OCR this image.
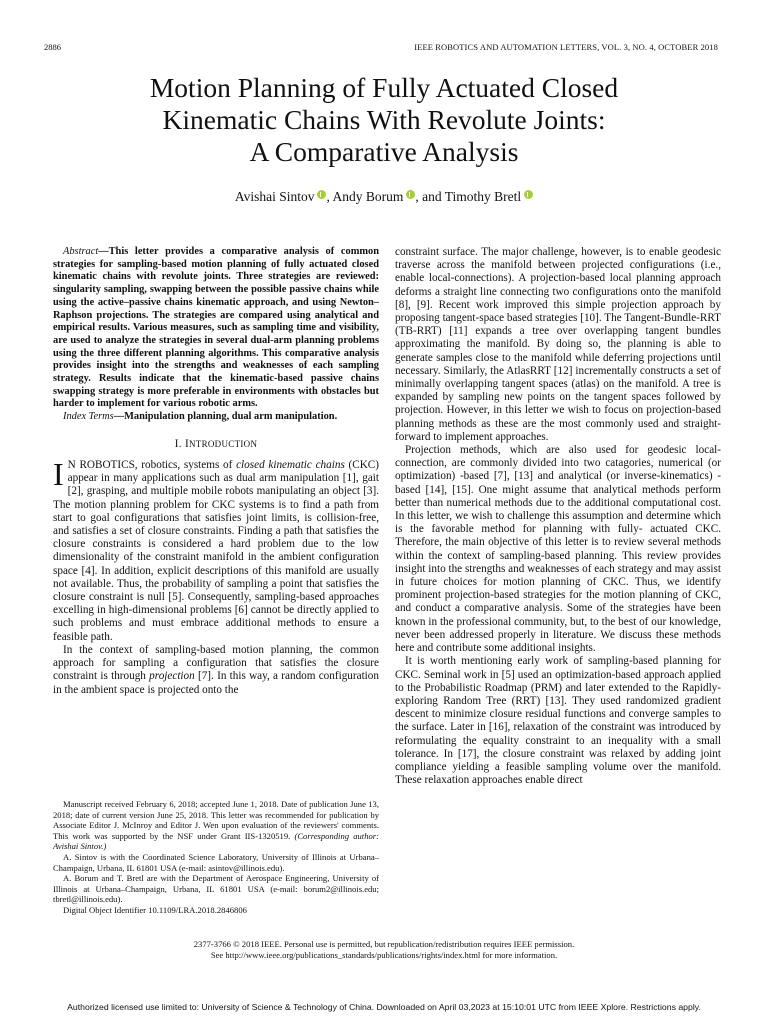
2886	IEEE ROBOTICS AND AUTOMATION LETTERS, VOL. 3, NO. 4, OCTOBER 2018
Motion Planning of Fully Actuated Closed
Kinematic Chains With Revolute Joints:
A Comparative Analysis
Avishai Sintov , Andy Borum , and Timothy Bretl

Abstract—This letter provides a comparative analysis of common strategies for sampling-based motion planning of fully actuated closed kinematic chains with revolute joints. Three strategies are reviewed: singularity sampling, swapping between the possible passive chains while using the active–passive chains kinematic approach, and using Newton–Raphson projections. The strategies are compared using analytical and empirical results. Various measures, such as sampling time and visibility, are used to analyze the strategies in several dual-arm planning problems using the three different planning algorithms. This comparative analysis provides insight into the strengths and weaknesses of each sampling strategy. Results indicate that the kinematic-based passive chains swapping strategy is more preferable in environments with obstacles but harder to implement for various robotic arms.

Index Terms—Manipulation planning, dual arm manipulation.

I. INTRODUCTION

I N ROBOTICS, robotics, systems of closed kinematic chains (CKC) appear in many applications such as dual arm manipulation [1], gait [2], grasping, and multiple mobile robots manipulating an object [3]. The motion planning problem for CKC systems is to find a path from start to goal configurations that satisfies joint limits, is collision-free, and satisfies a set of closure constraints. Finding a path that satisfies the closure constraints is considered a hard problem due to the low dimensionality of the constraint manifold in the ambient configuration space [4]. In addition, explicit descriptions of this manifold are usually not available. Thus, the probability of sampling a point that satisfies the closure constraint is null [5]. Consequently, sampling-based approaches excelling in high-dimensional problems [6] cannot be directly applied to such problems and must embrace additional methods to ensure a feasible path.

In the context of sampling-based motion planning, the common approach for sampling a configuration that satisfies the closure constraint is through projection [7]. In this way, a random configuration in the ambient space is projected onto the

Manuscript received February 6, 2018; accepted June 1, 2018. Date of publication June 13, 2018; date of current version June 25, 2018. This letter was recommended for publication by Associate Editor J. McInroy and Editor J. Wen upon evaluation of the reviewers' comments. This work was supported by the NSF under Grant IIS-1320519. (Corresponding author: Avishai Sintov.)

A. Sintov is with the Coordinated Science Laboratory, University of Illinois at Urbana–Champaign, Urbana, IL 61801 USA (e-mail: asintov@illinois.edu).

A. Borum and T. Bretl are with the Department of Aerospace Engineering, University of Illinois at Urbana–Champaign, Urbana, IL 61801 USA (e-mail: borum2@illinois.edu; tbretl@illinois.edu).

Digital Object Identifier 10.1109/LRA.2018.2846806

constraint surface. The major challenge, however, is to enable geodesic traverse across the manifold between projected configurations (i.e., enable local-connections). A projection-based local planning approach deforms a straight line connecting two configurations onto the manifold [8], [9]. Recent work improved this simple projection approach by proposing tangent-space based strategies [10]. The Tangent-Bundle-RRT (TB-RRT) [11] expands a tree over overlapping tangent bundles approximating the manifold. By doing so, the planning is able to generate samples close to the manifold while deferring projections until necessary. Similarly, the AtlasRRT [12] incrementally constructs a set of minimally overlapping tangent spaces (atlas) on the manifold. A tree is expanded by sampling new points on the tangent spaces followed by projection. However, in this letter we wish to focus on projection-based planning methods as these are the most commonly used and straight-forward to implement approaches.

Projection methods, which are also used for geodesic local-connection, are commonly divided into two catagories, numerical (or optimization) -based [7], [13] and analytical (or inverse-kinematics) -based [14], [15]. One might assume that analytical methods perform better than numerical methods due to the additional computational cost. In this letter, we wish to challenge this assumption and determine which is the favorable method for planning with fully- actuated CKC. Therefore, the main objective of this letter is to review several methods within the context of sampling-based planning. This review provides insight into the strengths and weaknesses of each strategy and may assist in future choices for motion planning of CKC. Thus, we identify prominent projection-based strategies for the motion planning of CKC, and conduct a comparative analysis. Some of the strategies have been known in the professional community, but, to the best of our knowledge, never been addressed properly in literature. We discuss these methods here and contribute some additional insights.

It is worth mentioning early work of sampling-based planning for CKC. Seminal work in [5] used an optimization-based approach applied to the Probabilistic Roadmap (PRM) and later extended to the Rapidly-exploring Random Tree (RRT) [13]. They used randomized gradient descent to minimize closure residual functions and converge samples to the surface. Later in [16], relaxation of the constraint was introduced by reformulating the equality constraint to an inequality with a small tolerance. In [17], the closure constraint was relaxed by adding joint compliance yielding a feasible sampling volume over the manifold. These relaxation approaches enable direct

2377-3766 © 2018 IEEE. Personal use is permitted, but republication/redistribution requires IEEE permission.
See http://www.ieee.org/publications_standards/publications/rights/index.html for more information.
Authorized licensed use limited to: University of Science & Technology of China. Downloaded on April 03,2023 at 15:10:01 UTC from IEEE Xplore. Restrictions apply.
